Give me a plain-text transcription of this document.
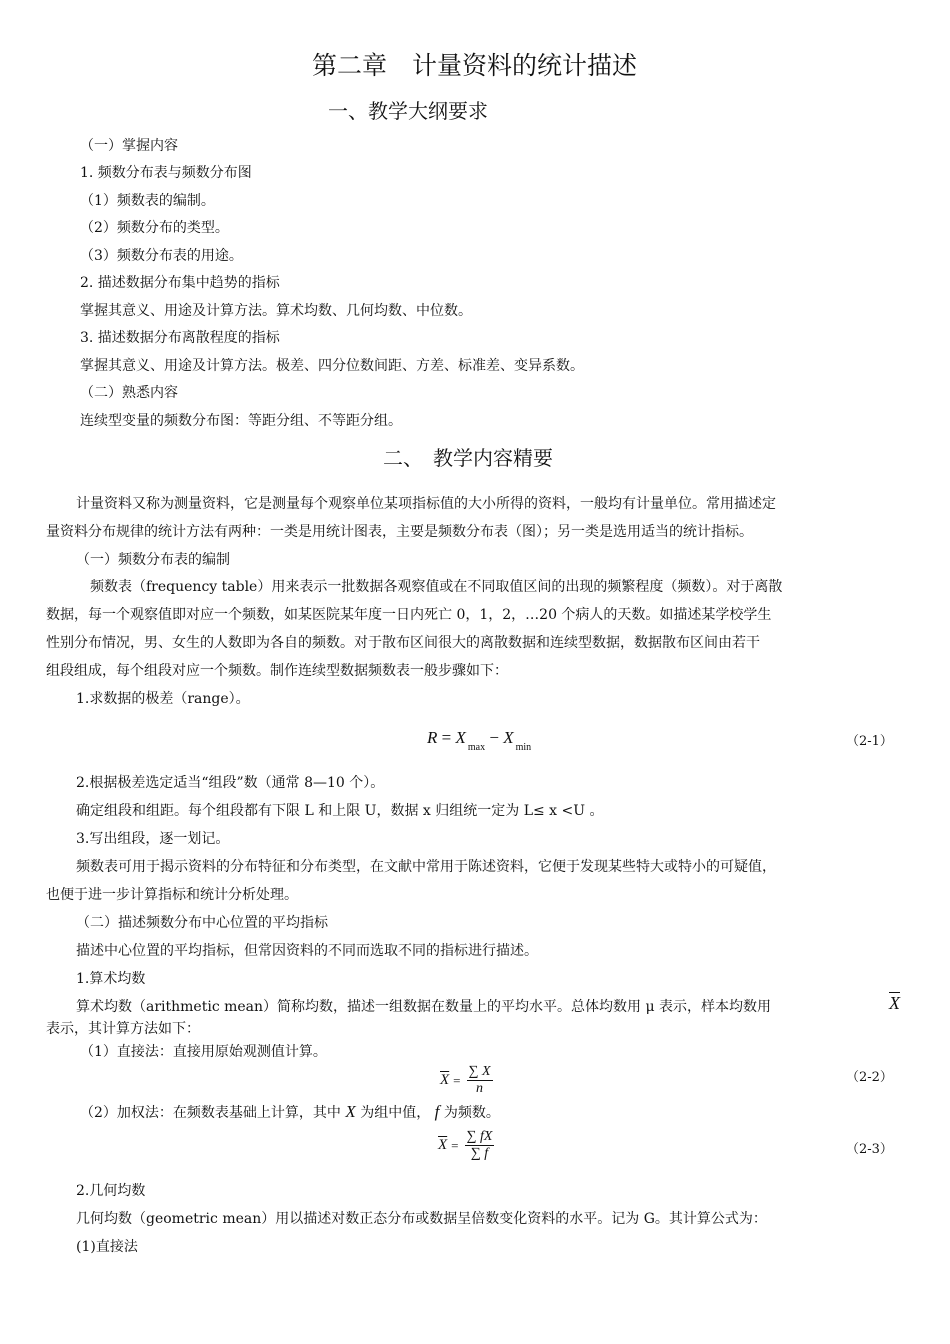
第二章　计量资料的统计描述
一、教学大纲要求
（一）掌握内容
1. 频数分布表与频数分布图
（1）频数表的编制。
（2）频数分布的类型。
（3）频数分布表的用途。
2. 描述数据分布集中趋势的指标
掌握其意义、用途及计算方法。算术均数、几何均数、中位数。
3. 描述数据分布离散程度的指标
掌握其意义、用途及计算方法。极差、四分位数间距、方差、标准差、变异系数。
（二）熟悉内容
连续型变量的频数分布图：等距分组、不等距分组。
二、　教学内容精要
计量资料又称为测量资料，它是测量每个观察单位某项指标值的大小所得的资料，一般均有计量单位。常用描述定
量资料分布规律的统计方法有两种：一类是用统计图表，主要是频数分布表（图）；另一类是选用适当的统计指标。
（一）频数分布表的编制
频数表（frequency table）用来表示一批数据各观察值或在不同取值区间的出现的频繁程度（频数）。对于离散
数据，每一个观察值即对应一个频数，如某医院某年度一日内死亡 0，1，2，…20 个病人的天数。如描述某学校学生
性别分布情况，男、女生的人数即为各自的频数。对于散布区间很大的离散数据和连续型数据，数据散布区间由若干
组段组成，每个组段对应一个频数。制作连续型数据频数表一般步骤如下：
1.求数据的极差（range）。
$R = X_{max} - X_{min}$	（2-1）
2.根据极差选定适当“组段”数（通常 8—10 个）。
确定组段和组距。每个组段都有下限 L 和上限 U，数据 x 归组统一定为 L≤ x <U 。
3.写出组段，逐一划记。
频数表可用于揭示资料的分布特征和分布类型，在文献中常用于陈述资料，它便于发现某些特大或特小的可疑值，
也便于进一步计算指标和统计分析处理。
（二）描述频数分布中心位置的平均指标
描述中心位置的平均指标，但常因资料的不同而选取不同的指标进行描述。
1.算术均数
算术均数（arithmetic mean）简称均数，描述一组数据在数量上的平均水平。总体均数用 μ 表示，样本均数用	$\overline{X}$
表示，其计算方法如下：
（1）直接法：直接用原始观测值计算。
$\overline{X} = \frac{\sum X}{n}$	（2-2）
（2）加权法：在频数表基础上计算，其中 X 为组中值， f 为频数。
$\overline{X} = \frac{\sum fX}{\sum f}$	（2-3）
2.几何均数
几何均数（geometric mean）用以描述对数正态分布或数据呈倍数变化资料的水平。记为 G。其计算公式为：
(1)直接法
